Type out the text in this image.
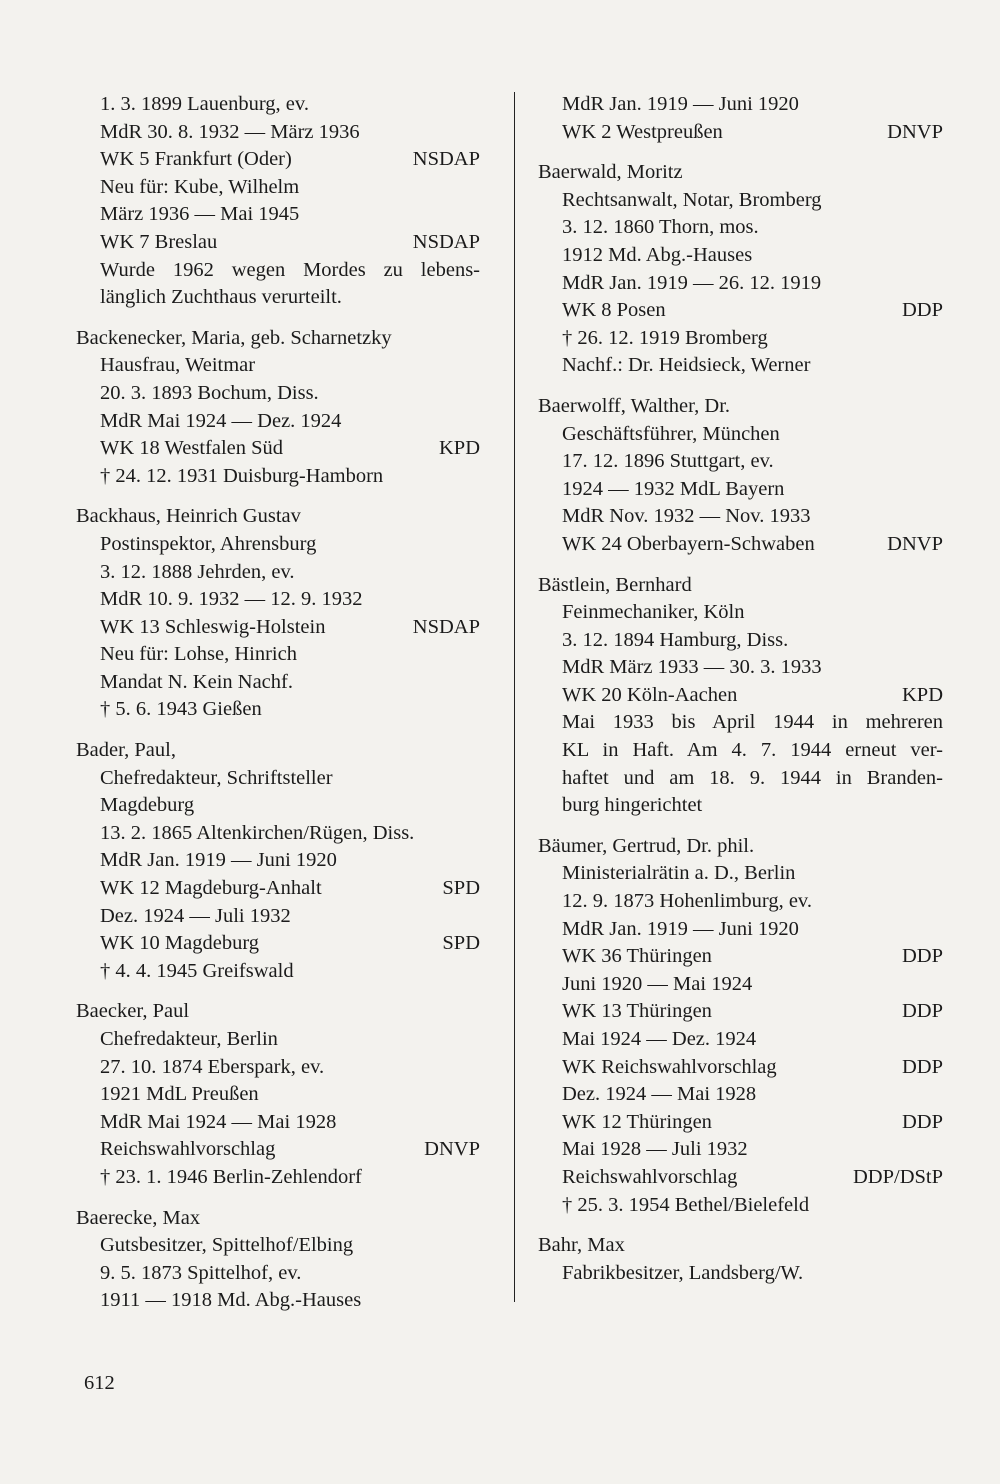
1. 3. 1899 Lauenburg, ev.
MdR 30. 8. 1932 — März 1936
WK 5 Frankfurt (Oder)	NSDAP
Neu für: Kube, Wilhelm
März 1936 — Mai 1945
WK 7 Breslau	NSDAP
Wurde 1962 wegen Mordes zu lebens-
länglich Zuchthaus verurteilt.
Backenecker, Maria, geb. Scharnetzky
Hausfrau, Weitmar
20. 3. 1893 Bochum, Diss.
MdR Mai 1924 — Dez. 1924
WK 18 Westfalen Süd	KPD
† 24. 12. 1931 Duisburg-Hamborn
Backhaus, Heinrich Gustav
Postinspektor, Ahrensburg
3. 12. 1888 Jehrden, ev.
MdR 10. 9. 1932 — 12. 9. 1932
WK 13 Schleswig-Holstein	NSDAP
Neu für: Lohse, Hinrich
Mandat N. Kein Nachf.
† 5. 6. 1943 Gießen
Bader, Paul,
Chefredakteur, Schriftsteller
Magdeburg
13. 2. 1865 Altenkirchen/Rügen, Diss.
MdR Jan. 1919 — Juni 1920
WK 12 Magdeburg-Anhalt	SPD
Dez. 1924 — Juli 1932
WK 10 Magdeburg	SPD
† 4. 4. 1945 Greifswald
Baecker, Paul
Chefredakteur, Berlin
27. 10. 1874 Eberspark, ev.
1921 MdL Preußen
MdR Mai 1924 — Mai 1928
Reichswahlvorschlag	DNVP
† 23. 1. 1946 Berlin-Zehlendorf
Baerecke, Max
Gutsbesitzer, Spittelhof/Elbing
9. 5. 1873 Spittelhof, ev.
1911 — 1918 Md. Abg.-Hauses
MdR Jan. 1919 — Juni 1920
WK 2 Westpreußen	DNVP
Baerwald, Moritz
Rechtsanwalt, Notar, Bromberg
3. 12. 1860 Thorn, mos.
1912 Md. Abg.-Hauses
MdR Jan. 1919 — 26. 12. 1919
WK 8 Posen	DDP
† 26. 12. 1919 Bromberg
Nachf.: Dr. Heidsieck, Werner
Baerwolff, Walther, Dr.
Geschäftsführer, München
17. 12. 1896 Stuttgart, ev.
1924 — 1932 MdL Bayern
MdR Nov. 1932 — Nov. 1933
WK 24 Oberbayern-Schwaben	DNVP
Bästlein, Bernhard
Feinmechaniker, Köln
3. 12. 1894 Hamburg, Diss.
MdR März 1933 — 30. 3. 1933
WK 20 Köln-Aachen	KPD
Mai 1933 bis April 1944 in mehreren
KL in Haft. Am 4. 7. 1944 erneut ver-
haftet und am 18. 9. 1944 in Branden-
burg hingerichtet
Bäumer, Gertrud, Dr. phil.
Ministerialrätin a. D., Berlin
12. 9. 1873 Hohenlimburg, ev.
MdR Jan. 1919 — Juni 1920
WK 36 Thüringen	DDP
Juni 1920 — Mai 1924
WK 13 Thüringen	DDP
Mai 1924 — Dez. 1924
WK Reichswahlvorschlag	DDP
Dez. 1924 — Mai 1928
WK 12 Thüringen	DDP
Mai 1928 — Juli 1932
Reichswahlvorschlag	DDP/DStP
† 25. 3. 1954 Bethel/Bielefeld
Bahr, Max
Fabrikbesitzer, Landsberg/W.
612
